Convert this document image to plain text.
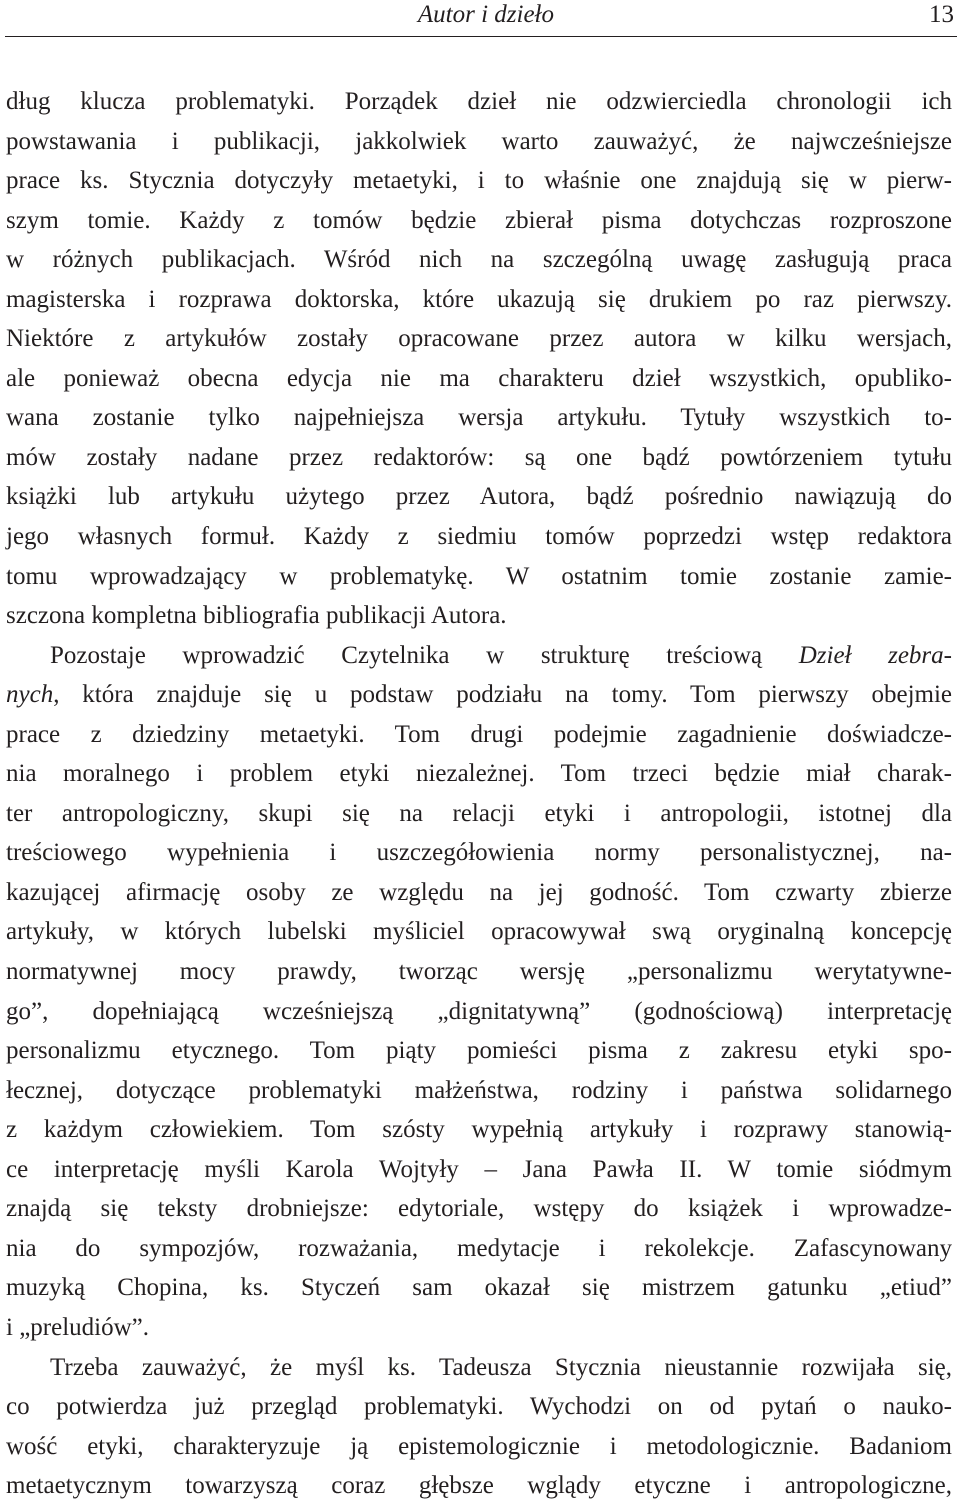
Autor i dzieło	13
dług klucza problematyki. Porządek dzieł nie odzwierciedla chronologii ich
powstawania i publikacji, jakkolwiek warto zauważyć, że najwcześniejsze
prace ks. Stycznia dotyczyły metaetyki, i to właśnie one znajdują się w pierw-
szym tomie. Każdy z tomów będzie zbierał pisma dotychczas rozproszone
w różnych publikacjach. Wśród nich na szczególną uwagę zasługują praca
magisterska i rozprawa doktorska, które ukazują się drukiem po raz pierwszy.
Niektóre z artykułów zostały opracowane przez autora w kilku wersjach,
ale ponieważ obecna edycja nie ma charakteru dzieł wszystkich, opubliko-
wana zostanie tylko najpełniejsza wersja artykułu. Tytuły wszystkich to-
mów zostały nadane przez redaktorów: są one bądź powtórzeniem tytułu
książki lub artykułu użytego przez Autora, bądź pośrednio nawiązują do
jego własnych formuł. Każdy z siedmiu tomów poprzedzi wstęp redaktora
tomu wprowadzający w problematykę. W ostatnim tomie zostanie zamie-
szczona kompletna bibliografia publikacji Autora.
Pozostaje wprowadzić Czytelnika w strukturę treściową Dzieł zebra-
nych, która znajduje się u podstaw podziału na tomy. Tom pierwszy obejmie
prace z dziedziny metaetyki. Tom drugi podejmie zagadnienie doświadcze-
nia moralnego i problem etyki niezależnej. Tom trzeci będzie miał charak-
ter antropologiczny, skupi się na relacji etyki i antropologii, istotnej dla
treściowego wypełnienia i uszczegółowienia normy personalistycznej, na-
kazującej afirmację osoby ze względu na jej godność. Tom czwarty zbierze
artykuły, w których lubelski myśliciel opracowywał swą oryginalną koncepcję
normatywnej mocy prawdy, tworząc wersję „personalizmu werytatywne-
go”, dopełniającą wcześniejszą „dignitatywną” (godnościową) interpretację
personalizmu etycznego. Tom piąty pomieści pisma z zakresu etyki spo-
łecznej, dotyczące problematyki małżeństwa, rodziny i państwa solidarnego
z każdym człowiekiem. Tom szósty wypełnią artykuły i rozprawy stanowią-
ce interpretację myśli Karola Wojtyły – Jana Pawła II. W tomie siódmym
znajdą się teksty drobniejsze: edytoriale, wstępy do książek i wprowadze-
nia do sympozjów, rozważania, medytacje i rekolekcje. Zafascynowany
muzyką Chopina, ks. Styczeń sam okazał się mistrzem gatunku „etiud”
i „preludiów”.
Trzeba zauważyć, że myśl ks. Tadeusza Stycznia nieustannie rozwijała się,
co potwierdza już przegląd problematyki. Wychodzi on od pytań o nauko-
wość etyki, charakteryzuje ją epistemologicznie i metodologicznie. Badaniom
metaetycznym towarzyszą coraz głębsze wglądy etyczne i antropologiczne,
